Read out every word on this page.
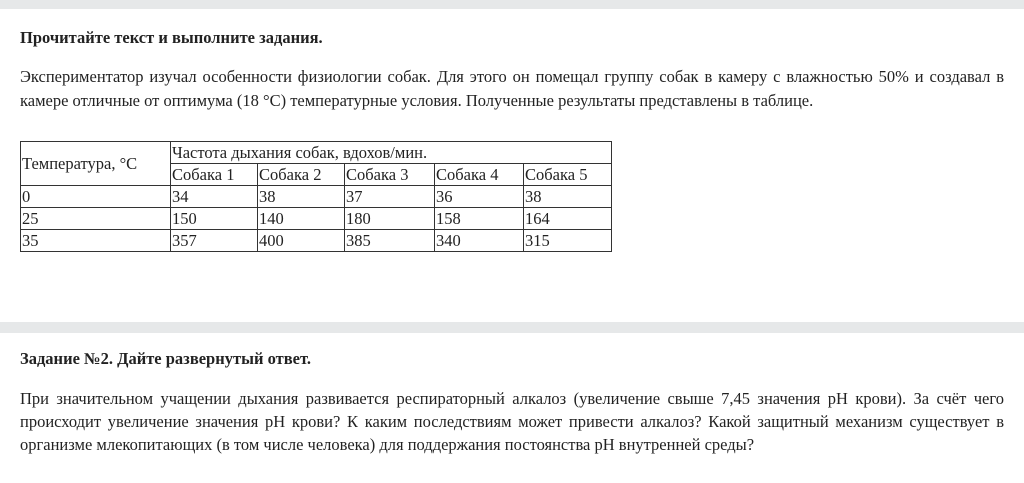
Прочитайте текст и выполните задания.

Экспериментатор изучал особенности физиологии собак. Для этого он помещал группу собак в камеру с влажностью 50% и создавал в камере отличные от оптимума (18 °С) температурные условия. Полученные результаты представлены в таблице.

Температура, °С	Частота дыхания собак, вдохов/мин.				
	Собака 1	Собака 2	Собака 3	Собака 4	Собака 5
0	34	38	37	36	38
25	150	140	180	158	164
35	357	400	385	340	315

Задание №2. Дайте развернутый ответ.

При значительном учащении дыхания развивается респираторный алкалоз (увеличение свыше 7,45 значения pH крови). За счёт чего происходит увеличение значения pH крови? К каким последствиям может привести алкалоз? Какой защитный механизм существует в организме млекопитающих (в том числе человека) для поддержания постоянства pH внутренней среды?
